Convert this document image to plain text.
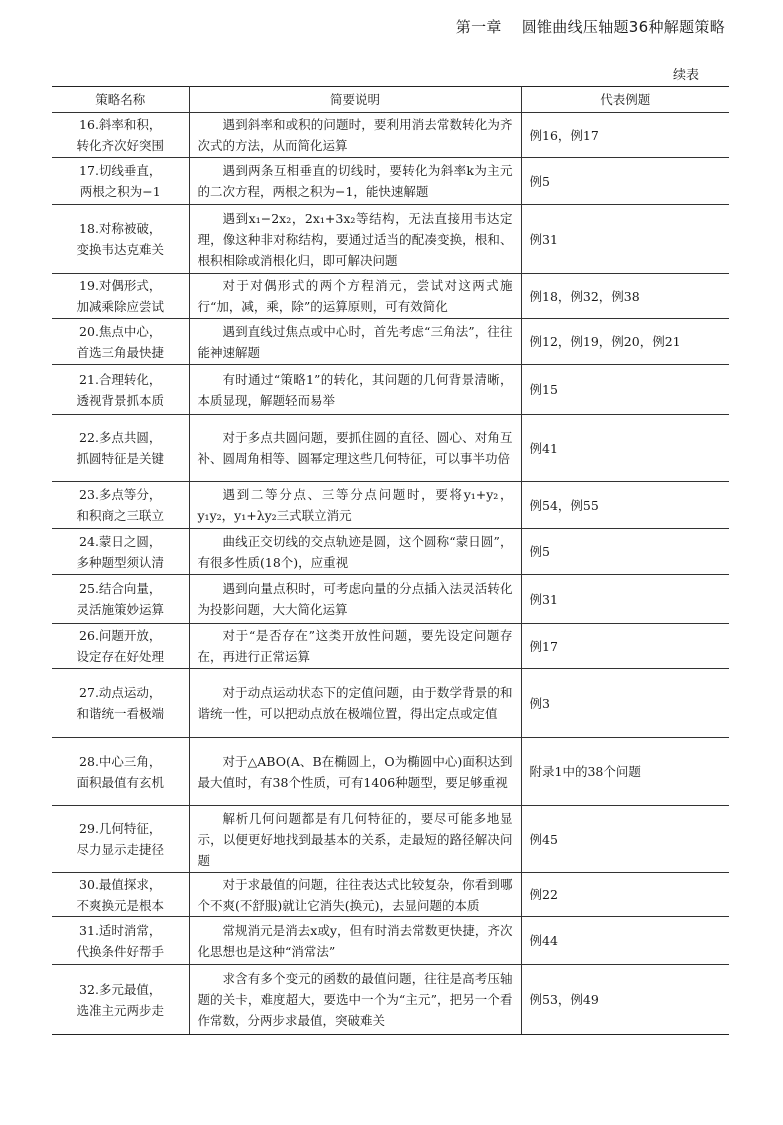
第一章 圆锥曲线压轴题36种解题策略
续表
策略名称	简要说明	代表例题

16.斜率和积，
转化齐次好突围	遇到斜率和或积的问题时，要利用消去常数转化为齐次式的方法，从而简化运算	例16，例17

17.切线垂直，
两根之积为−1	遇到两条互相垂直的切线时，要转化为斜率k为主元的二次方程，两根之积为−1，能快速解题	例5

18.对称被破，
变换韦达克难关	遇到x₁−2x₂，2x₁+3x₂等结构，无法直接用韦达定理，像这种非对称结构，要通过适当的配凑变换，根和、根积相除或消根化归，即可解决问题	例31

19.对偶形式，
加减乘除应尝试	对于对偶形式的两个方程消元，尝试对这两式施行“加，减，乘，除”的运算原则，可有效简化	例18，例32，例38

20.焦点中心，
首选三角最快捷	遇到直线过焦点或中心时，首先考虑“三角法”，往往能神速解题	例12，例19，例20，例21

21.合理转化，
透视背景抓本质	有时通过“策略1”的转化，其问题的几何背景清晰，本质显现，解题轻而易举	例15

22.多点共圆，
抓圆特征是关键	对于多点共圆问题，要抓住圆的直径、圆心、对角互补、圆周角相等、圆幂定理这些几何特征，可以事半功倍	例41

23.多点等分，
和积商之三联立	遇到二等分点、三等分点问题时，要将y₁+y₂，y₁y₂，y₁+λy₂三式联立消元	例54，例55

24.蒙日之圆，
多种题型须认清	曲线正交切线的交点轨迹是圆，这个圆称“蒙日圆”，有很多性质(18个)，应重视	例5

25.结合向量，
灵活施策妙运算	遇到向量点积时，可考虑向量的分点插入法灵活转化为投影问题，大大简化运算	例31

26.问题开放，
设定存在好处理	对于“是否存在”这类开放性问题，要先设定问题存在，再进行正常运算	例17

27.动点运动，
和谐统一看极端	对于动点运动状态下的定值问题，由于数学背景的和谐统一性，可以把动点放在极端位置，得出定点或定值	例3

28.中心三角，
面积最值有玄机	对于△ABO(A、B在椭圆上，O为椭圆中心)面积达到最大值时，有38个性质，可有1406种题型，要足够重视	附录1中的38个问题

29.几何特征，
尽力显示走捷径	解析几何问题都是有几何特征的，要尽可能多地显示，以便更好地找到最基本的关系，走最短的路径解决问题	例45

30.最值探求，
不爽换元是根本	对于求最值的问题，往往表达式比较复杂，你看到哪个不爽(不舒服)就让它消失(换元)，去显问题的本质	例22

31.适时消常，
代换条件好帮手	常规消元是消去x或y，但有时消去常数更快捷，齐次化思想也是这种“消常法”	例44

32.多元最值，
选准主元两步走	求含有多个变元的函数的最值问题，往往是高考压轴题的关卡，难度超大，要选中一个为“主元”，把另一个看作常数，分两步求最值，突破难关	例53，例49
